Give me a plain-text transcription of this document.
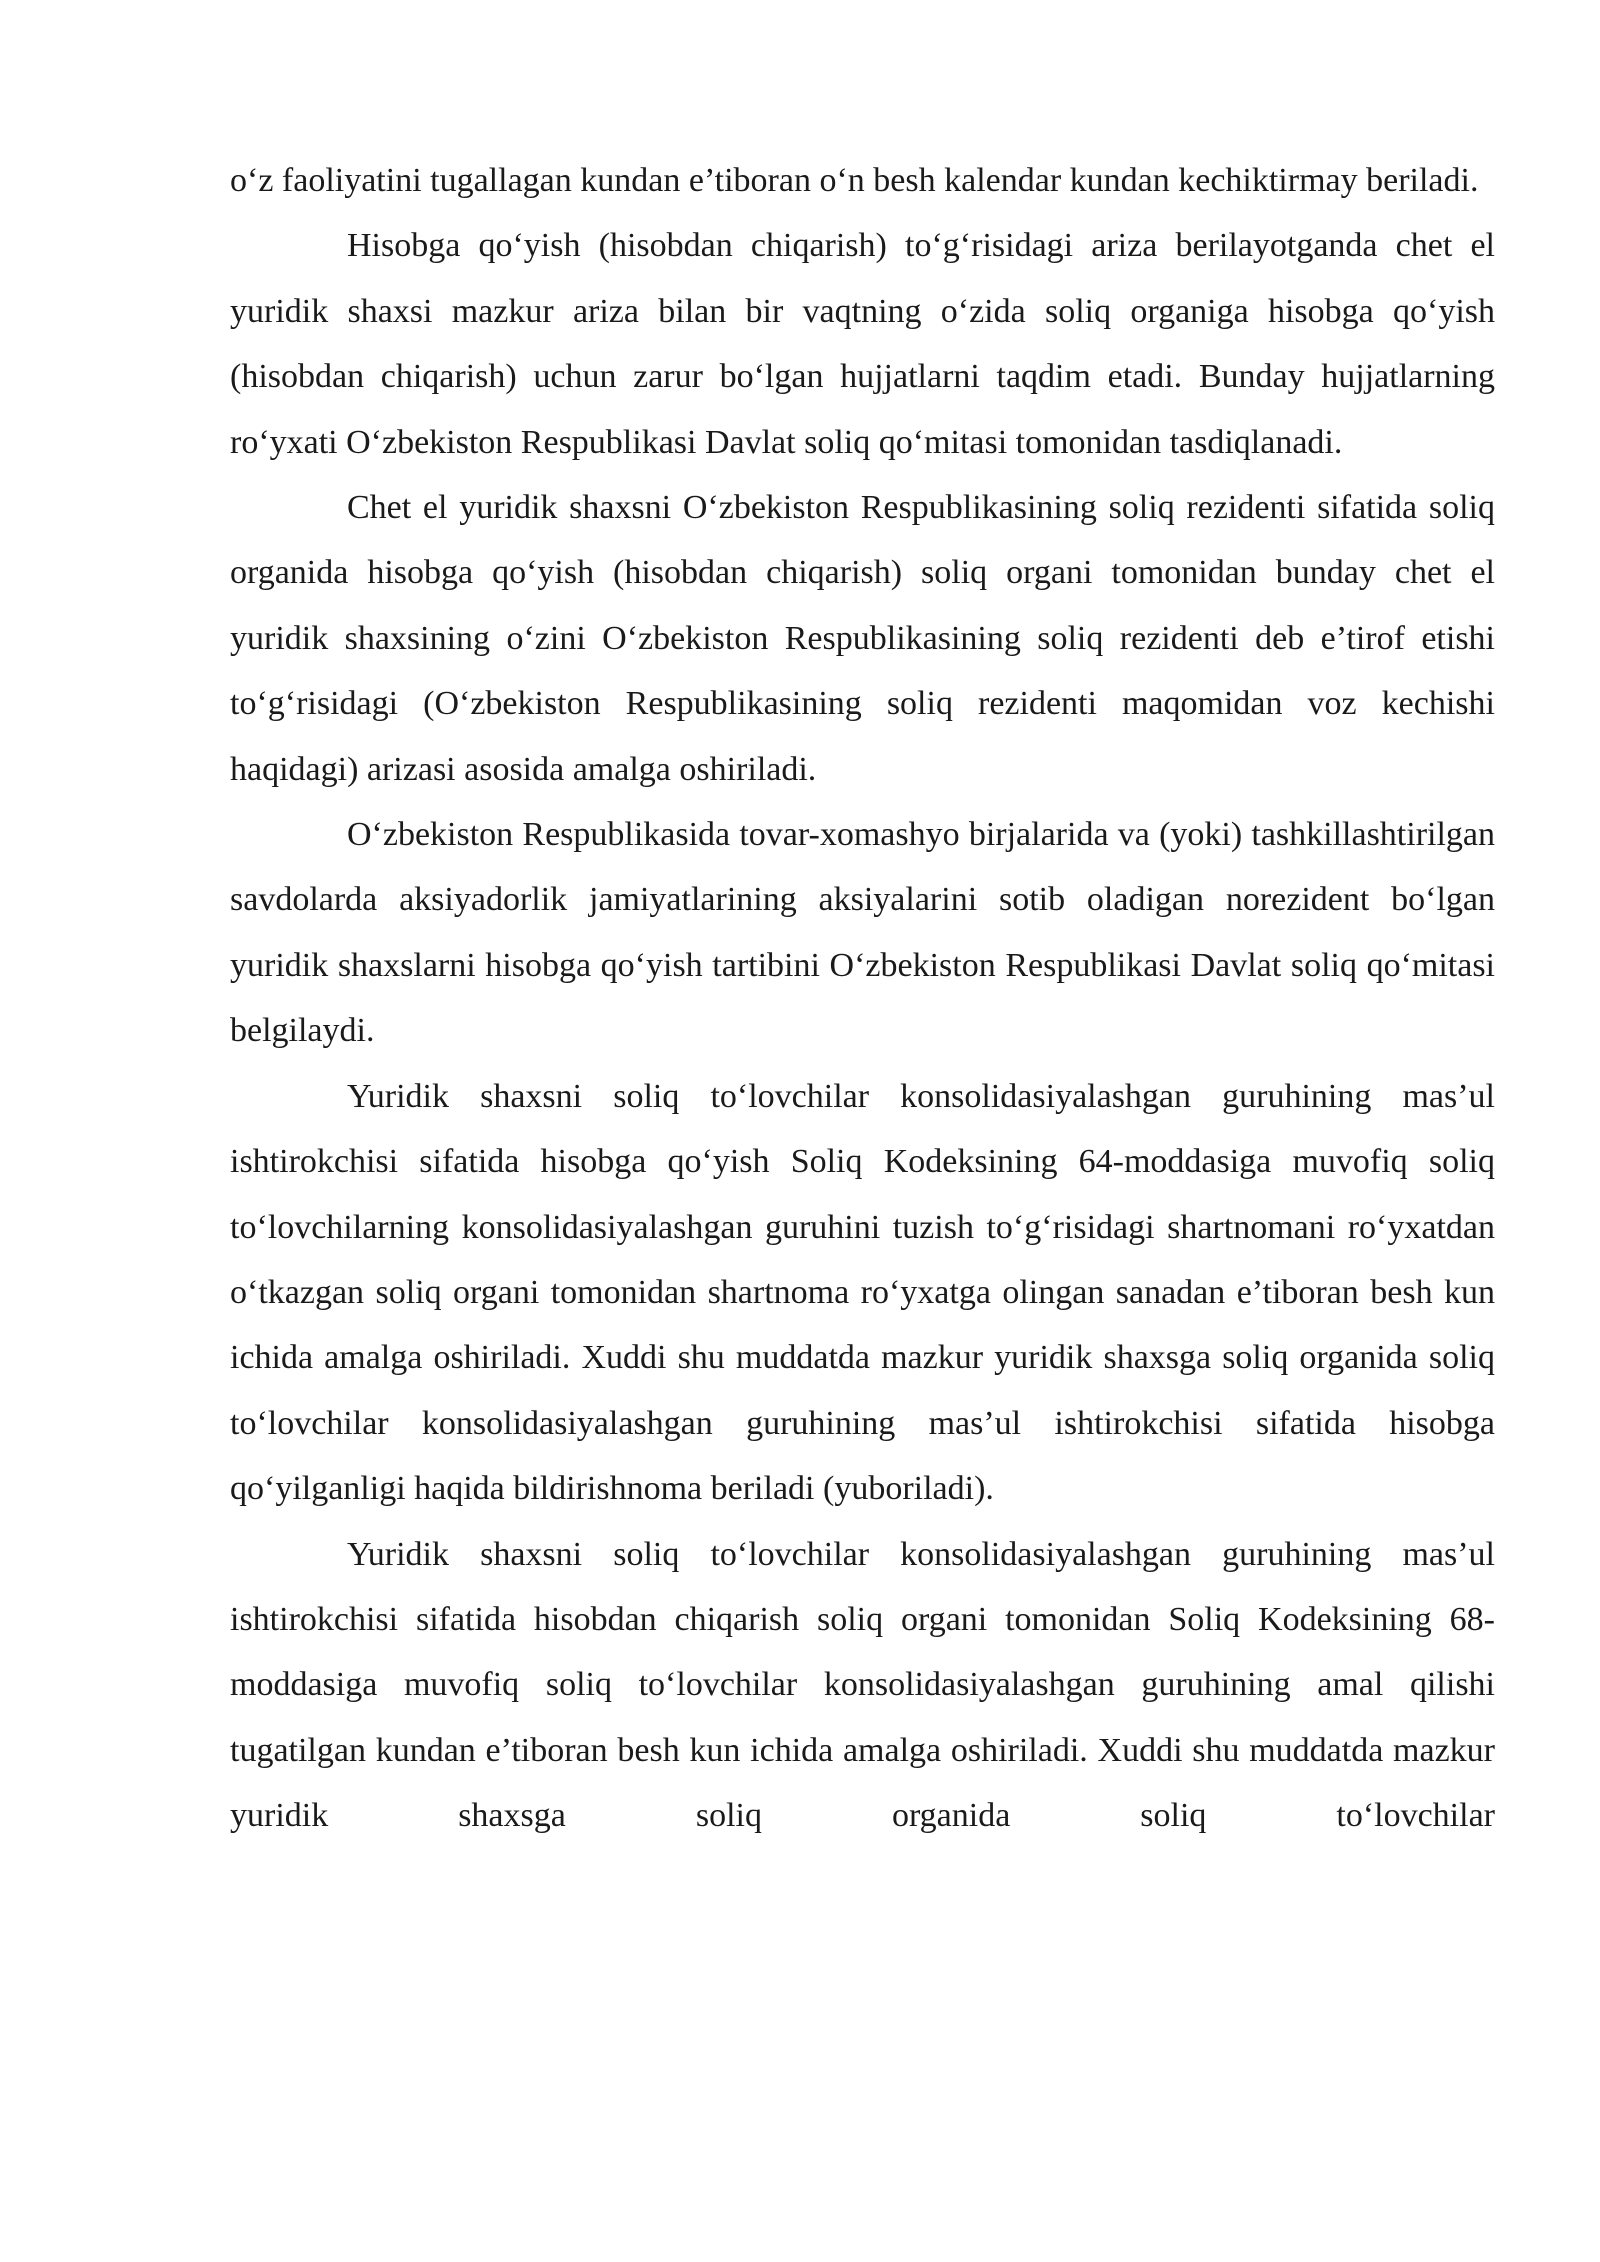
o‘z faoliyatini tugallagan kundan e’tiboran o‘n besh kalendar kundan kechiktirmay beriladi.

Hisobga qo‘yish (hisobdan chiqarish) to‘g‘risidagi ariza berilayotganda chet el yuridik shaxsi mazkur ariza bilan bir vaqtning o‘zida soliq organiga hisobga qo‘yish (hisobdan chiqarish) uchun zarur bo‘lgan hujjatlarni taqdim etadi. Bunday hujjatlarning ro‘yxati O‘zbekiston Respublikasi Davlat soliq qo‘mitasi tomonidan tasdiqlanadi.

Chet el yuridik shaxsni O‘zbekiston Respublikasining soliq rezidenti sifatida soliq organida hisobga qo‘yish (hisobdan chiqarish) soliq organi tomonidan bunday chet el yuridik shaxsining o‘zini O‘zbekiston Respublikasining soliq rezidenti deb e’tirof etishi to‘g‘risidagi (O‘zbekiston Respublikasining soliq rezidenti maqomidan voz kechishi haqidagi) arizasi asosida amalga oshiriladi.

O‘zbekiston Respublikasida tovar-xomashyo birjalarida va (yoki) tashkillashtirilgan savdolarda aksiyadorlik jamiyatlarining aksiyalarini sotib oladigan norezident bo‘lgan yuridik shaxslarni hisobga qo‘yish tartibini O‘zbekiston Respublikasi Davlat soliq qo‘mitasi belgilaydi.

Yuridik shaxsni soliq to‘lovchilar konsolidasiyalashgan guruhining mas’ul ishtirokchisi sifatida hisobga qo‘yish Soliq Kodeksining 64-moddasiga muvofiq soliq to‘lovchilarning konsolidasiyalashgan guruhini tuzish to‘g‘risidagi shartnomani ro‘yxatdan o‘tkazgan soliq organi tomonidan shartnoma ro‘yxatga olingan sanadan e’tiboran besh kun ichida amalga oshiriladi. Xuddi shu muddatda mazkur yuridik shaxsga soliq organida soliq to‘lovchilar konsolidasiyalashgan guruhining mas’ul ishtirokchisi sifatida hisobga qo‘yilganligi haqida bildirishnoma beriladi (yuboriladi).

Yuridik shaxsni soliq to‘lovchilar konsolidasiyalashgan guruhining mas’ul ishtirokchisi sifatida hisobdan chiqarish soliq organi tomonidan Soliq Kodeksining 68-moddasiga muvofiq soliq to‘lovchilar konsolidasiyalashgan guruhining amal qilishi tugatilgan kundan e’tiboran besh kun ichida amalga oshiriladi. Xuddi shu muddatda mazkur yuridik shaxsga soliq organida soliq to‘lovchilar
